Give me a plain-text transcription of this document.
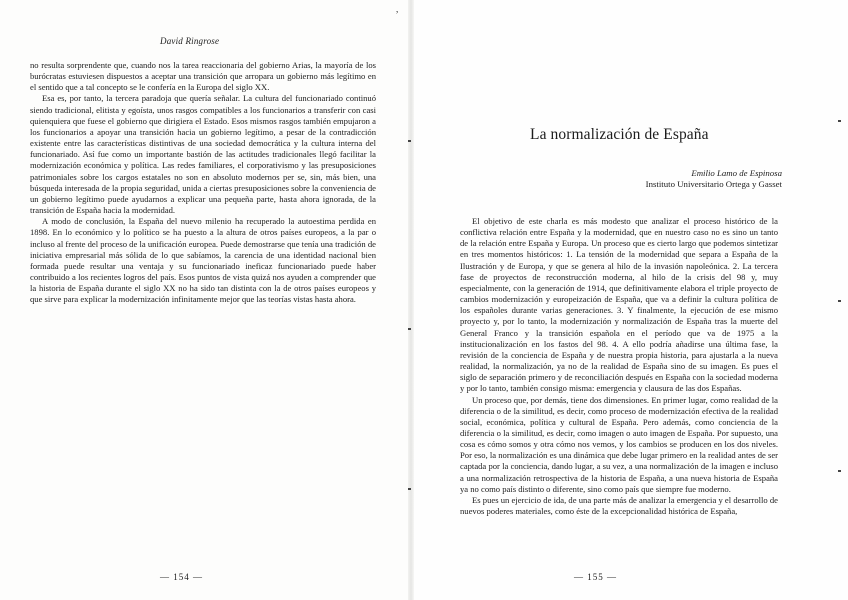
David Ringrose

no resulta sorprendente que, cuando nos la tarea reaccionaria del gobierno Arias, la mayoría de los burócratas estuviesen dispuestos a aceptar una transición que arropara un gobierno más legítimo en el sentido que a tal concepto se le confería en la Europa del siglo XX.

Esa es, por tanto, la tercera paradoja que quería señalar. La cultura del funcionariado continuó siendo tradicional, elitista y egoísta, unos rasgos compatibles a los funcionarios a transferir con casi quienquiera que fuese el gobierno que dirigiera el Estado. Esos mismos rasgos también empujaron a los funcionarios a apoyar una transición hacia un gobierno legítimo, a pesar de la contradicción existente entre las características distintivas de una sociedad democrática y la cultura interna del funcionariado. Así fue como un importante bastión de las actitudes tradicionales llegó facilitar la modernización económica y política. Las redes familiares, el corporativismo y las presuposiciones patrimoniales sobre los cargos estatales no son en absoluto modernos per se, sin, más bien, una búsqueda interesada de la propia seguridad, unida a ciertas presuposiciones sobre la conveniencia de un gobierno legítimo puede ayudarnos a explicar una pequeña parte, hasta ahora ignorada, de la transición de España hacia la modernidad.

A modo de conclusión, la España del nuevo milenio ha recuperado la autoestima perdida en 1898. En lo económico y lo político se ha puesto a la altura de otros países europeos, a la par o incluso al frente del proceso de la unificación europea. Puede demostrarse que tenía una tradición de iniciativa empresarial más sólida de lo que sabíamos, la carencia de una identidad nacional bien formada puede resultar una ventaja y su funcionariado ineficaz funcionariado puede haber contribuido a los recientes logros del país. Esos puntos de vista quizá nos ayuden a comprender que la historia de España durante el siglo XX no ha sido tan distinta con la de otros países europeos y que sirve para explicar la modernización infinitamente mejor que las teorías vistas hasta ahora.

,
— 154 —
La normalización de España
Emilio Lamo de Espinosa
Instituto Universitario Ortega y Gasset

El objetivo de este charla es más modesto que analizar el proceso histórico de la conflictiva relación entre España y la modernidad, que en nuestro caso no es sino un tanto de la relación entre España y Europa. Un proceso que es cierto largo que podemos sintetizar en tres momentos históricos: 1. La tensión de la modernidad que separa a España de la Ilustración y de Europa, y que se genera al hilo de la invasión napoleónica. 2. La tercera fase de proyectos de reconstrucción moderna, al hilo de la crisis del 98 y, muy especialmente, con la generación de 1914, que definitivamente elabora el triple proyecto de cambios modernización y europeización de España, que va a definir la cultura política de los españoles durante varias generaciones. 3. Y finalmente, la ejecución de ese mismo proyecto y, por lo tanto, la modernización y normalización de España tras la muerte del General Franco y la transición española en el período que va de 1975 a la institucionalización en los fastos del 98. 4. A ello podría añadirse una última fase, la revisión de la conciencia de España y de nuestra propia historia, para ajustarla a la nueva realidad, la normalización, ya no de la realidad de España sino de su imagen. Es pues el siglo de separación primero y de reconciliación después en España con la sociedad moderna y por lo tanto, también consigo misma: emergencia y clausura de las dos Españas.

Un proceso que, por demás, tiene dos dimensiones. En primer lugar, como realidad de la diferencia o de la similitud, es decir, como proceso de modernización efectiva de la realidad social, económica, política y cultural de España. Pero además, como conciencia de la diferencia o la similitud, es decir, como imagen o auto imagen de España. Por supuesto, una cosa es cómo somos y otra cómo nos vemos, y los cambios se producen en los dos niveles. Por eso, la normalización es una dinámica que debe lugar primero en la realidad antes de ser captada por la conciencia, dando lugar, a su vez, a una normalización de la imagen e incluso a una normalización retrospectiva de la historia de España, a una nueva historia de España ya no como país distinto o diferente, sino como país que siempre fue moderno.

Es pues un ejercicio de ida, de una parte más de analizar la emergencia y el desarrollo de nuevos poderes materiales, como éste de la excepcionalidad histórica de España,

— 155 —
